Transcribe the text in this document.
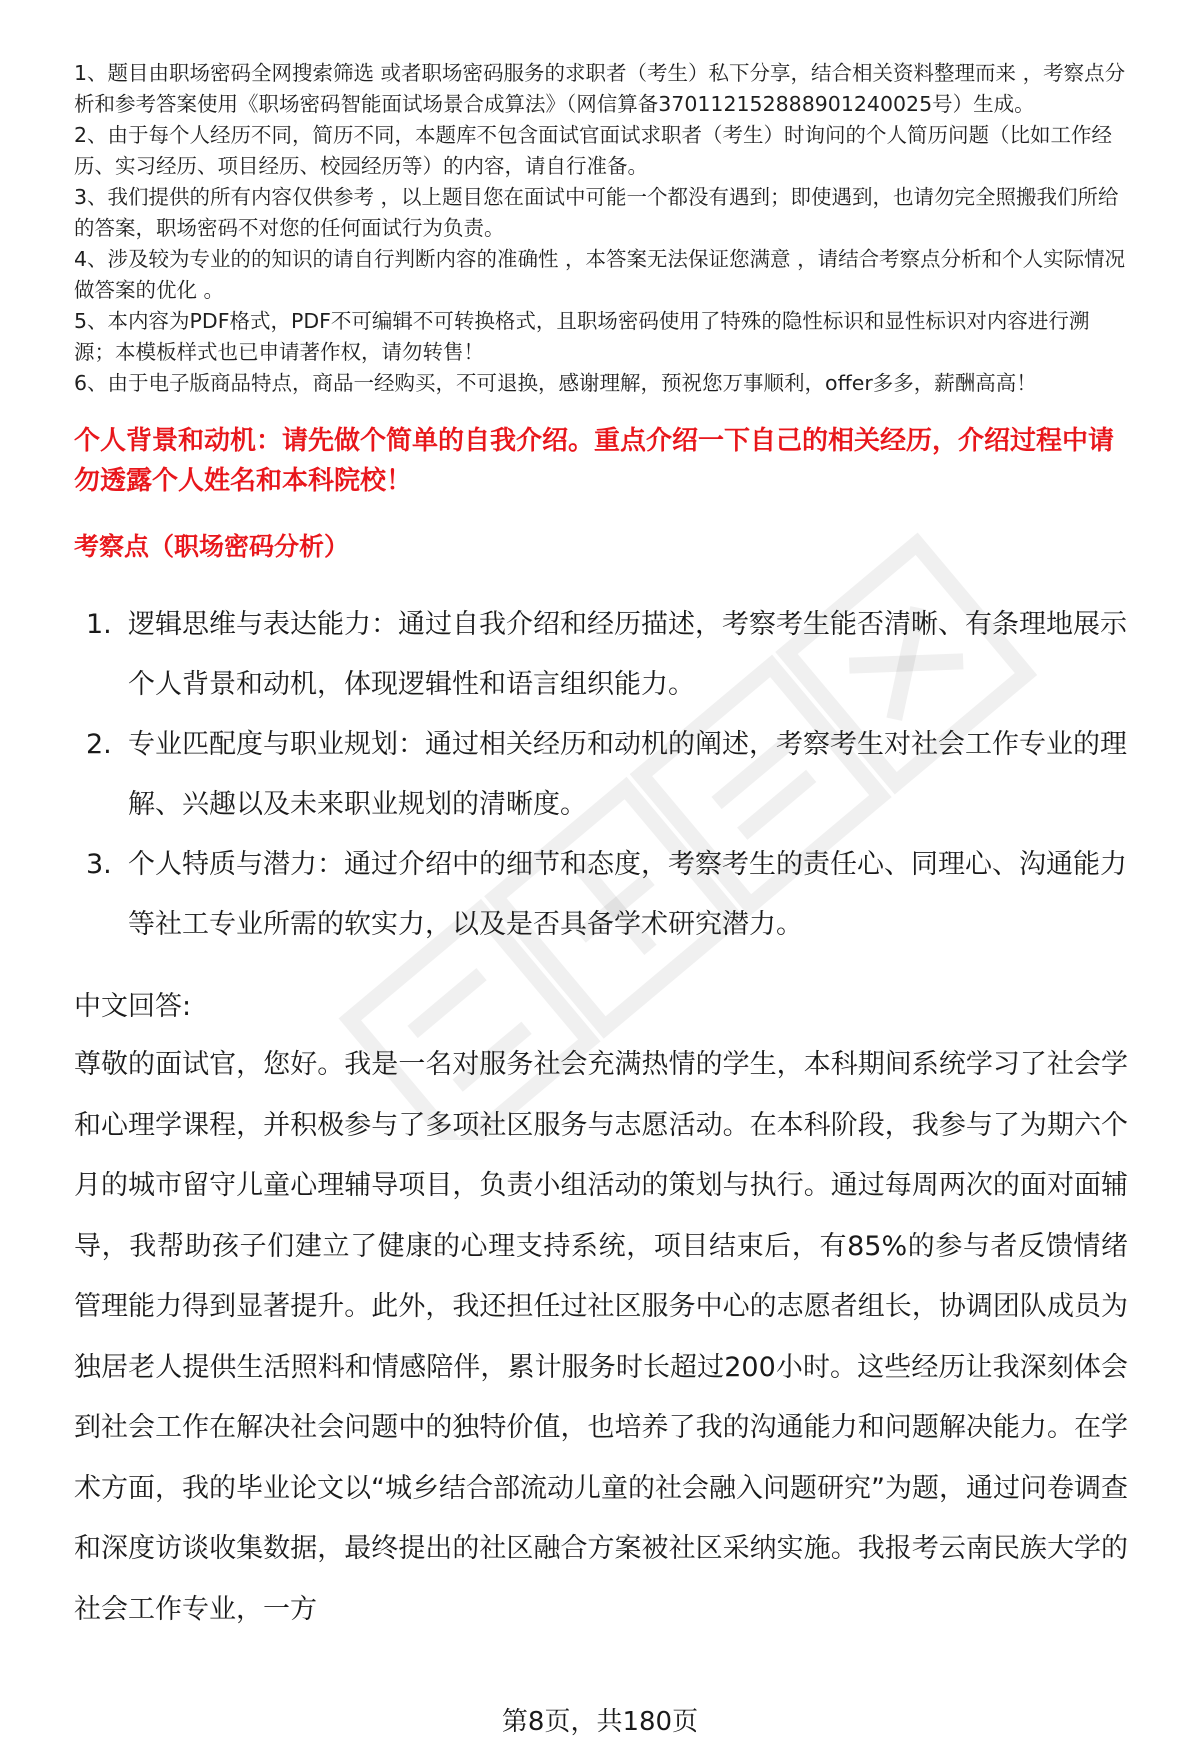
1、题目由职场密码全网搜索筛选 或者职场密码服务的求职者（考生）私下分享，结合相关资料整理而来 ，考察点分析和参考答案使用《职场密码智能面试场景合成算法》（网信算备370112152888901240025号）生成。
2、由于每个人经历不同，简历不同，本题库不包含面试官面试求职者（考生）时询问的个人简历问题（比如工作经历、实习经历、项目经历、校园经历等）的内容，请自行准备。
3、我们提供的所有内容仅供参考 ，以上题目您在面试中可能一个都没有遇到；即使遇到，也请勿完全照搬我们所给的答案，职场密码不对您的任何面试行为负责。
4、涉及较为专业的的知识的请自行判断内容的准确性 ，本答案无法保证您满意 ，请结合考察点分析和个人实际情况做答案的优化 。
5、本内容为PDF格式，PDF不可编辑不可转换格式，且职场密码使用了特殊的隐性标识和显性标识对内容进行溯源；本模板样式也已申请著作权，请勿转售！
6、由于电子版商品特点，商品一经购买，不可退换，感谢理解，预祝您万事顺利，offer多多，薪酬高高！
个人背景和动机：请先做个简单的自我介绍。重点介绍一下自己的相关经历，介绍过程中请勿透露个人姓名和本科院校！
考察点（职场密码分析）
1. 逻辑思维与表达能力：通过自我介绍和经历描述，考察考生能否清晰、有条理地展示个人背景和动机，体现逻辑性和语言组织能力。
2. 专业匹配度与职业规划：通过相关经历和动机的阐述，考察考生对社会工作专业的理解、兴趣以及未来职业规划的清晰度。
3. 个人特质与潜力：通过介绍中的细节和态度，考察考生的责任心、同理心、沟通能力等社工专业所需的软实力，以及是否具备学术研究潜力。
中文回答:
尊敬的面试官，您好。我是一名对服务社会充满热情的学生，本科期间系统学习了社会学和心理学课程，并积极参与了多项社区服务与志愿活动。在本科阶段，我参与了为期六个月的城市留守儿童心理辅导项目，负责小组活动的策划与执行。通过每周两次的面对面辅导，我帮助孩子们建立了健康的心理支持系统，项目结束后，有85%的参与者反馈情绪管理能力得到显著提升。此外，我还担任过社区服务中心的志愿者组长，协调团队成员为独居老人提供生活照料和情感陪伴，累计服务时长超过200小时。这些经历让我深刻体会到社会工作在解决社会问题中的独特价值，也培养了我的沟通能力和问题解决能力。在学术方面，我的毕业论文以“城乡结合部流动儿童的社会融入问题研究”为题，通过问卷调查和深度访谈收集数据，最终提出的社区融合方案被社区采纳实施。我报考云南民族大学的社会工作专业，一方
第8页，共180页
